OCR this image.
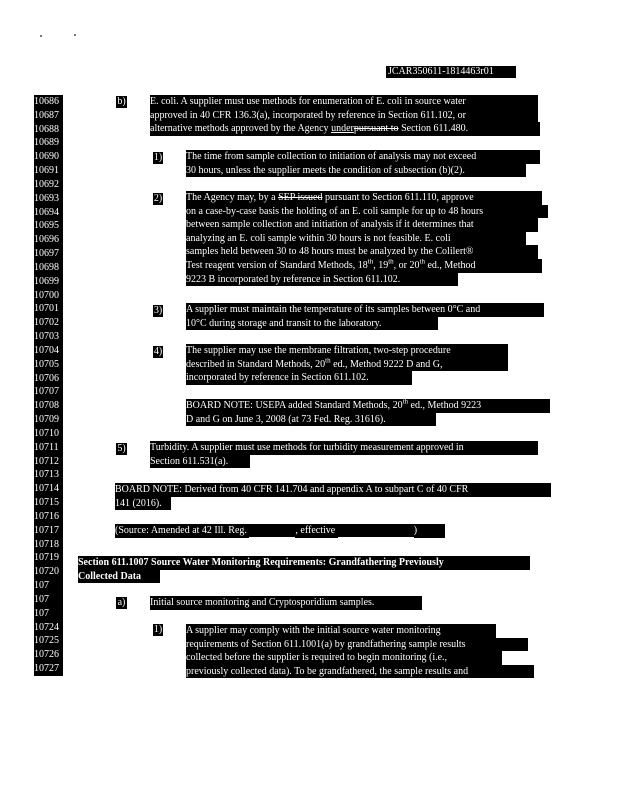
JCAR350611-1814463r01
10686
10687
10688
10689
10690
10691
10692
10693
10694
10695
10696
10697
10698
10699
10700
10701
10702
10703
10704
10705
10706
10707
10708
10709
10710
10711
10712
10713
10714
10715
10716
10717
10718
10719
10720
107
107
107
10724
10725
10726
10727
b)
1)
2)
3)
4)
5)
a)
1)
E. coli. A supplier must use methods for enumeration of E. coli in source water
approved in 40 CFR 136.3(a), incorporated by reference in Section 611.102, or
alternative methods approved by the Agency underpursuant to Section 611.480.
The time from sample collection to initiation of analysis may not exceed
30 hours, unless the supplier meets the condition of subsection (b)(2).
The Agency may, by a SEP issued pursuant to Section 611.110, approve
on a case-by-case basis the holding of an E. coli sample for up to 48 hours
between sample collection and initiation of analysis if it determines that
analyzing an E. coli sample within 30 hours is not feasible. E. coli
samples held between 30 to 48 hours must be analyzed by the Colilert®
Test reagent version of Standard Methods, 18th, 19th, or 20th ed., Method
9223 B incorporated by reference in Section 611.102.
A supplier must maintain the temperature of its samples between 0°C and
10°C during storage and transit to the laboratory.
The supplier may use the membrane filtration, two-step procedure
described in Standard Methods, 20th ed., Method 9222 D and G,
incorporated by reference in Section 611.102.
BOARD NOTE: USEPA added Standard Methods, 20th ed., Method 9223
D and G on June 3, 2008 (at 73 Fed. Reg. 31616).
Turbidity. A supplier must use methods for turbidity measurement approved in
Section 611.531(a).
BOARD NOTE: Derived from 40 CFR 141.704 and appendix A to subpart C of 40 CFR
141 (2016).
(Source: Amended at 42 Ill. Reg.	, effective	)
Section 611.1007 Source Water Monitoring Requirements: Grandfathering Previously
Collected Data
Initial source monitoring and Cryptosporidium samples.
A supplier may comply with the initial source water monitoring
requirements of Section 611.1001(a) by grandfathering sample results
collected before the supplier is required to begin monitoring (i.e.,
previously collected data). To be grandfathered, the sample results and
